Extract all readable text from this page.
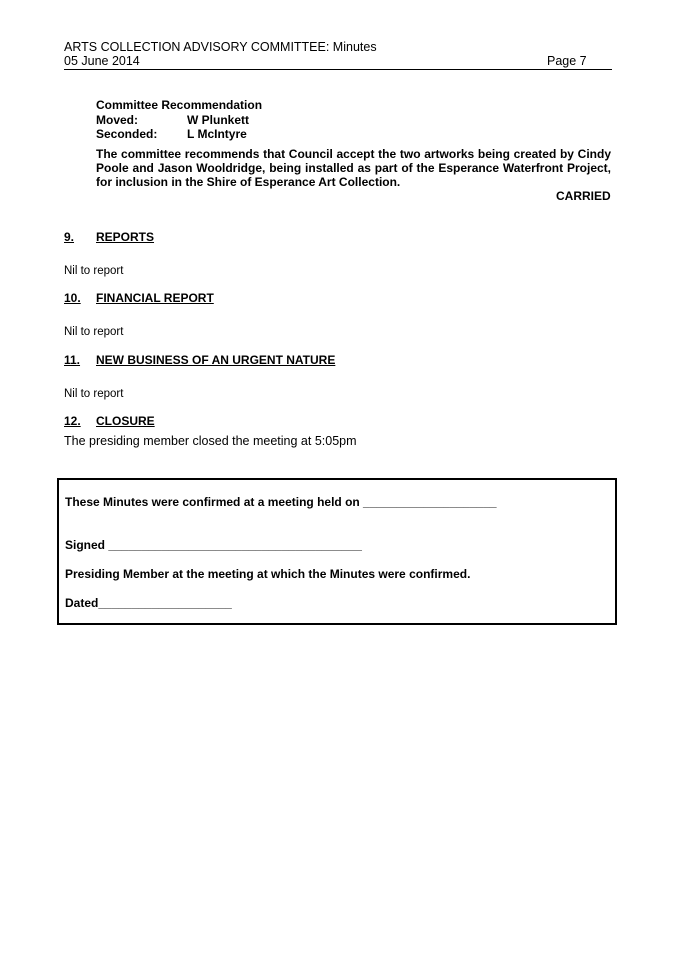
ARTS COLLECTION ADVISORY COMMITTEE: Minutes
05 June 2014	Page 7
Committee Recommendation
Moved:	W Plunkett
Seconded: L McIntyre
The committee recommends that Council accept the two artworks being created by Cindy Poole and Jason Wooldridge, being installed as part of the Esperance Waterfront Project, for inclusion in the Shire of Esperance Art Collection.
CARRIED
9. REPORTS
Nil to report
10. FINANCIAL REPORT
Nil to report
11. NEW BUSINESS OF AN URGENT NATURE
Nil to report
12. CLOSURE
The presiding member closed the meeting at 5:05pm
These Minutes were confirmed at a meeting held on ____________________
Signed ______________________________________
Presiding Member at the meeting at which the Minutes were confirmed.
Dated____________________
